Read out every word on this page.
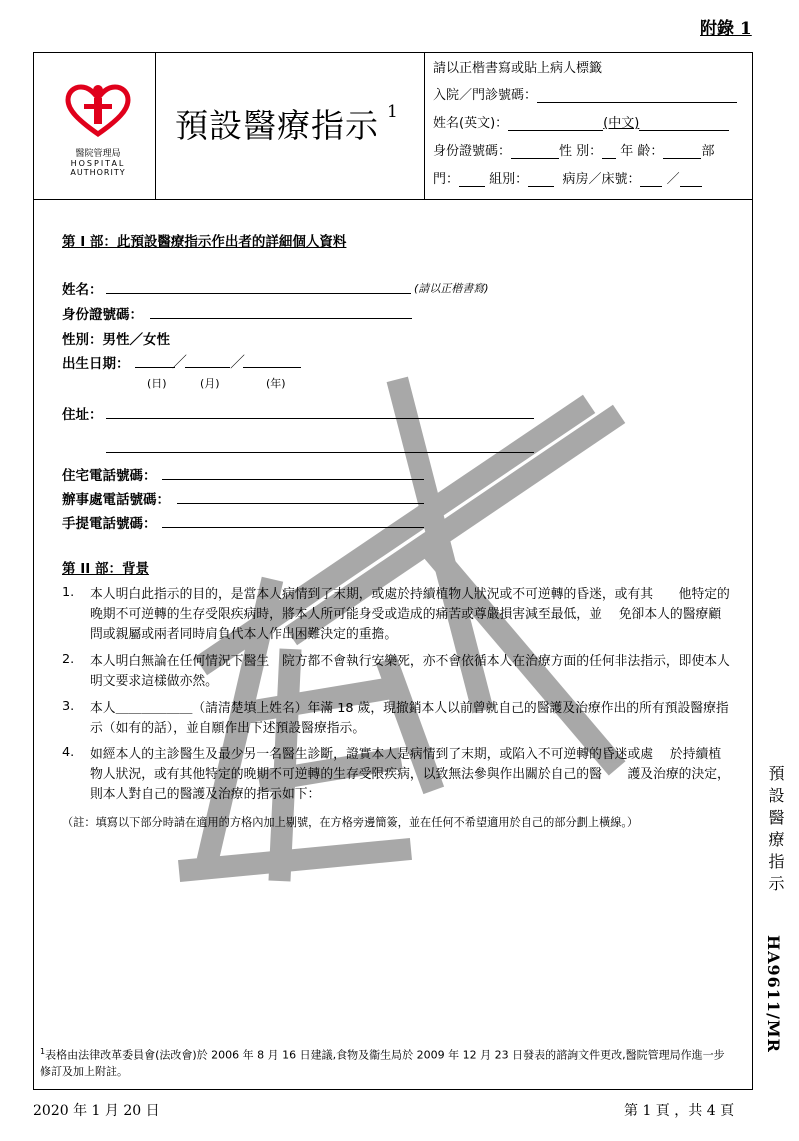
附錄 1
醫院管理局
HOSPITAL
AUTHORITY
預設醫療指示 $^1$
請以正楷書寫或貼上病人標籤
入院／門診號碼：
姓名(英文)：	(中文)
身份證號碼：	性 別： 年 齡：	部
門： 組別：	病房／床號： ／
第 I 部：此預設醫療指示作出者的詳細個人資料
姓名：	(請以正楷書寫)
身份證號碼：
性別：男性／女性
出生日期：	／	／
(日)	(月)	(年)
住址：
住宅電話號碼：
辦事處電話號碼：
手提電話號碼：
第 II 部：背景
1. 本人明白此指示的目的，是當本人病情到了末期，或處於持續植物人狀況或不可逆轉的昏迷，或有其　　他特定的晚期不可逆轉的生存受限疾病時，將本人所可能身受或造成的痛苦或尊嚴損害減至最低，並　 免卻本人的醫療顧問或親屬或兩者同時肩負代本人作出困難決定的重擔。
2. 本人明白無論在任何情況下醫生　院方都不會執行安樂死，亦不會依循本人在治療方面的任何非法指示，即使本人明文要求這樣做亦然。
3. 本人＿＿＿＿＿＿（請清楚填上姓名）年滿 18 歲，現撤銷本人以前曾就自己的醫護及治療作出的所有預設醫療指示（如有的話），並自願作出下述預設醫療指示。
4. 如經本人的主診醫生及最少另一名醫生診斷，證實本人是病情到了末期，或陷入不可逆轉的昏迷或處　 於持續植物人狀況，或有其他特定的晚期不可逆轉的生存受限疾病，以致無法參與作出關於自己的醫　　護及治療的決定，則本人對自己的醫護及治療的指示如下：
（註：填寫以下部分時請在適用的方格內加上剔號，在方格旁邊簡簽，並在任何不希望適用於自己的部分劃上橫線。）	預設醫療指示
HA9611/MR
$^1$表格由法律改革委員會(法改會)於 2006 年 8 月 16 日建議,食物及衞生局於 2009 年 12 月 23 日發表的諮詢文件更改,醫院管理局作進一步修訂及加上附註。
2020 年 1 月 20 日	第 1 頁 ，共 4 頁
